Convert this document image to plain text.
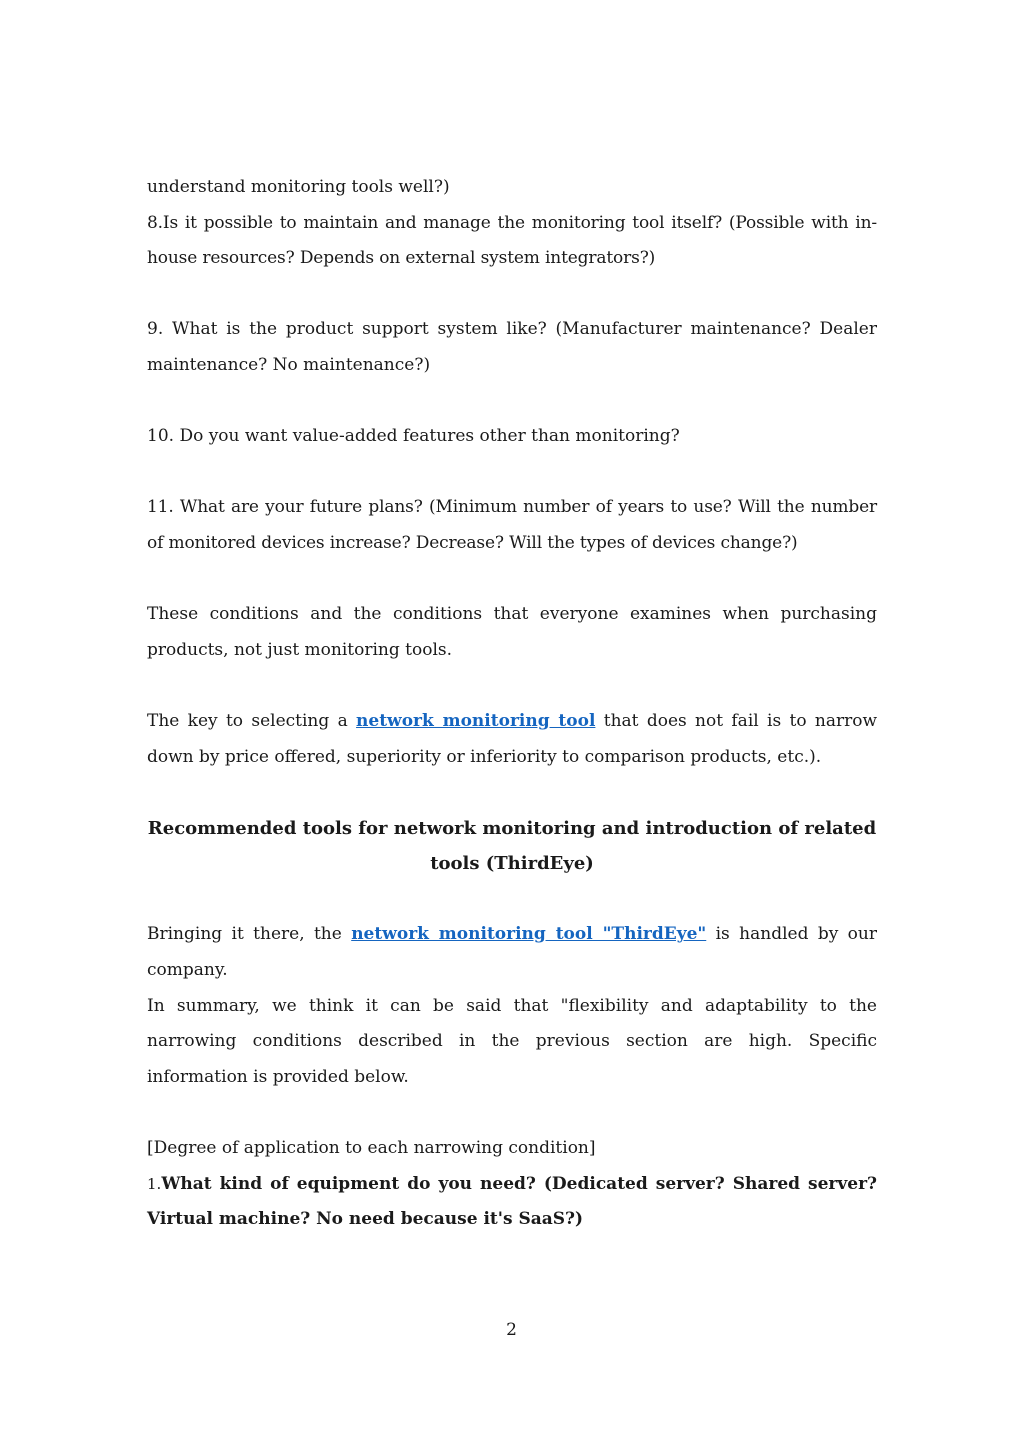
understand monitoring tools well?)

8.Is it possible to maintain and manage the monitoring tool itself? (Possible with in-house resources? Depends on external system integrators?)

9. What is the product support system like? (Manufacturer maintenance? Dealer maintenance? No maintenance?)

10. Do you want value-added features other than monitoring?

11. What are your future plans? (Minimum number of years to use? Will the number of monitored devices increase? Decrease? Will the types of devices change?)

These conditions and the conditions that everyone examines when purchasing products, not just monitoring tools.

The key to selecting a network monitoring tool that does not fail is to narrow down by price offered, superiority or inferiority to comparison products, etc.).

Recommended tools for network monitoring and introduction of related tools (ThirdEye)

Bringing it there, the network monitoring tool "ThirdEye" is handled by our company.

In summary, we think it can be said that "flexibility and adaptability to the narrowing conditions described in the previous section are high. Specific information is provided below.

[Degree of application to each narrowing condition]

1.What kind of equipment do you need? (Dedicated server? Shared server? Virtual machine? No need because it's SaaS?)

2
